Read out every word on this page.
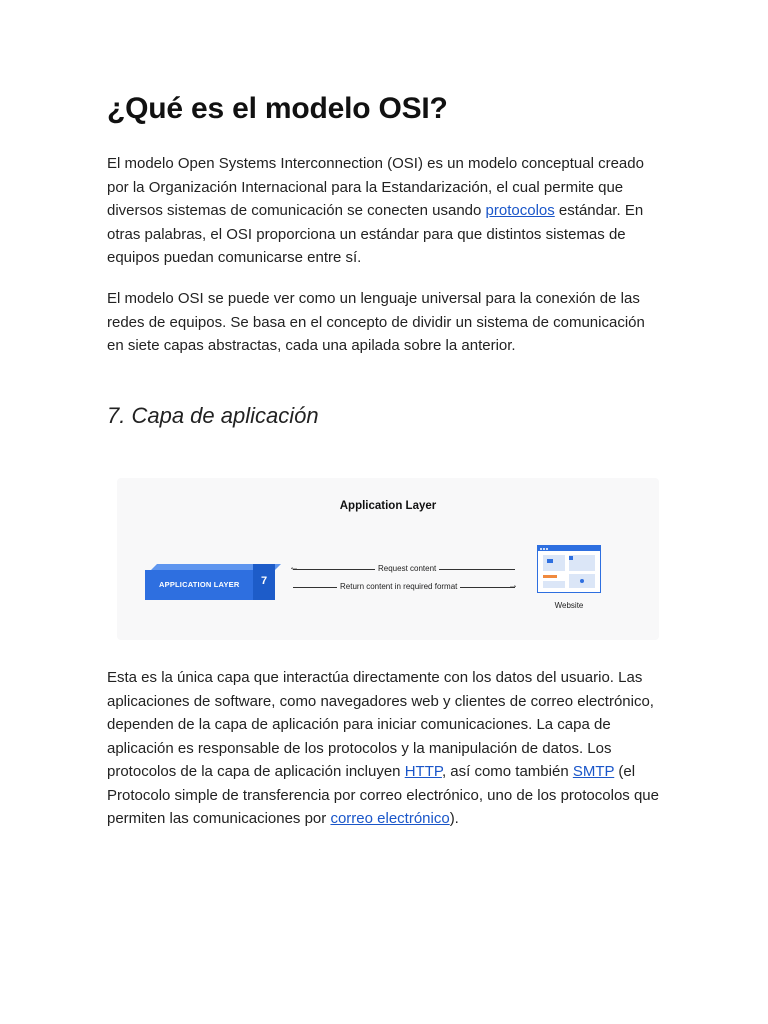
¿Qué es el modelo OSI?

El modelo Open Systems Interconnection (OSI) es un modelo conceptual creado por la Organización Internacional para la Estandarización, el cual permite que diversos sistemas de comunicación se conecten usando protocolos estándar. En otras palabras, el OSI proporciona un estándar para que distintos sistemas de equipos puedan comunicarse entre sí.

El modelo OSI se puede ver como un lenguaje universal para la conexión de las redes de equipos. Se basa en el concepto de dividir un sistema de comunicación en siete capas abstractas, cada una apilada sobre la anterior.

7. Capa de aplicación
Application Layer
APPLICATION LAYER	7
←	Request content
→
Return content in required format
Website

Esta es la única capa que interactúa directamente con los datos del usuario. Las aplicaciones de software, como navegadores web y clientes de correo electrónico, dependen de la capa de aplicación para iniciar comunicaciones. La capa de aplicación es responsable de los protocolos y la manipulación de datos. Los protocolos de la capa de aplicación incluyen HTTP, así como también SMTP (el Protocolo simple de transferencia por correo electrónico, uno de los protocolos que permiten las comunicaciones por correo electrónico).
